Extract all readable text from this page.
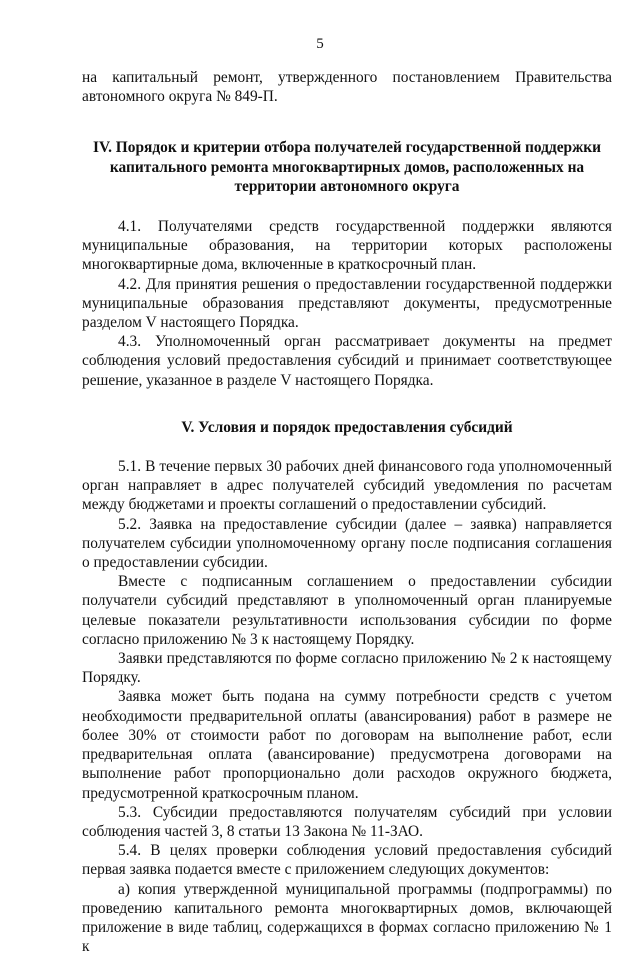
5

на капитальный ремонт, утвержденного постановлением Правительства автономного округа № 849-П.

IV. Порядок и критерии отбора получателей государственной поддержки капитального ремонта многоквартирных домов, расположенных на территории автономного округа

4.1. Получателями средств государственной поддержки являются муниципальные образования, на территории которых расположены многоквартирные дома, включенные в краткосрочный план.

4.2. Для принятия решения о предоставлении государственной поддержки муниципальные образования представляют документы, предусмотренные разделом V настоящего Порядка.

4.3. Уполномоченный орган рассматривает документы на предмет соблюдения условий предоставления субсидий и принимает соответствующее решение, указанное в разделе V настоящего Порядка.

V. Условия и порядок предоставления субсидий

5.1. В течение первых 30 рабочих дней финансового года уполномоченный орган направляет в адрес получателей субсидий уведомления по расчетам между бюджетами и проекты соглашений о предоставлении субсидий.

5.2. Заявка на предоставление субсидии (далее – заявка) направляется получателем субсидии уполномоченному органу после подписания соглашения о предоставлении субсидии.

Вместе с подписанным соглашением о предоставлении субсидии получатели субсидий представляют в уполномоченный орган планируемые целевые показатели результативности использования субсидии по форме согласно приложению № 3 к настоящему Порядку.

Заявки представляются по форме согласно приложению № 2 к настоящему Порядку.

Заявка может быть подана на сумму потребности средств с учетом необходимости предварительной оплаты (авансирования) работ в размере не более 30% от стоимости работ по договорам на выполнение работ, если предварительная оплата (авансирование) предусмотрена договорами на выполнение работ пропорционально доли расходов окружного бюджета, предусмотренной краткосрочным планом.

5.3. Субсидии предоставляются получателям субсидий при условии соблюдения частей 3, 8 статьи 13 Закона № 11-ЗАО.

5.4. В целях проверки соблюдения условий предоставления субсидий первая заявка подается вместе с приложением следующих документов:

а) копия утвержденной муниципальной программы (подпрограммы) по проведению капитального ремонта многоквартирных домов, включающей приложение в виде таблиц, содержащихся в формах согласно приложению № 1 к
